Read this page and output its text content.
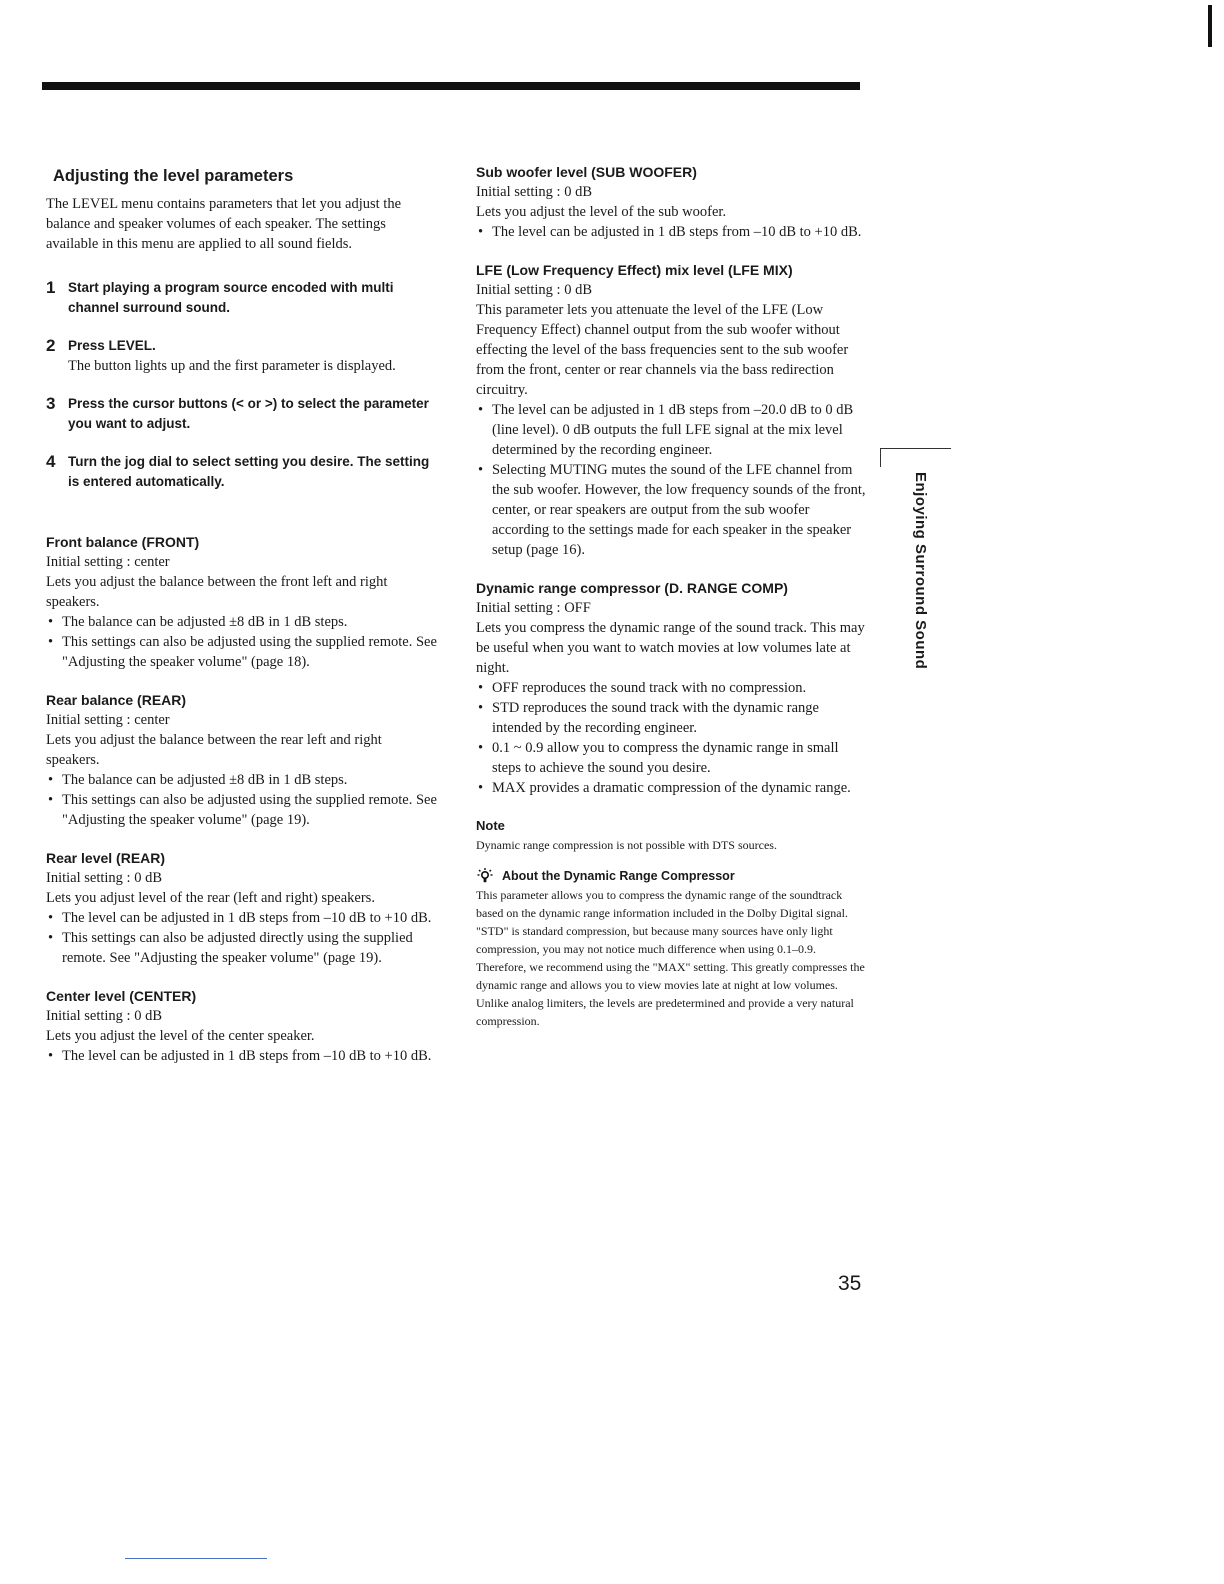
Adjusting the level parameters

The LEVEL menu contains parameters that let you adjust the balance and speaker volumes of each speaker. The settings available in this menu are applied to all sound fields.

1 Start playing a program source encoded with multi channel surround sound.
2 Press LEVEL.
The button lights up and the first parameter is displayed.
3 Press the cursor buttons (< or >) to select the parameter you want to adjust.
4 Turn the jog dial to select setting you desire. The setting is entered automatically.
Front balance (FRONT)

Initial setting : center

Lets you adjust the balance between the front left and right speakers.

• The balance can be adjusted ±8 dB in 1 dB steps.
• This settings can also be adjusted using the supplied remote. See "Adjusting the speaker volume" (page 18).
Rear balance (REAR)

Initial setting : center

Lets you adjust the balance between the rear left and right speakers.

• The balance can be adjusted ±8 dB in 1 dB steps.
• This settings can also be adjusted using the supplied remote. See "Adjusting the speaker volume" (page 19).
Rear level (REAR)

Initial setting : 0 dB

Lets you adjust level of the rear (left and right) speakers.

• The level can be adjusted in 1 dB steps from –10 dB to +10 dB.
• This settings can also be adjusted directly using the supplied remote. See "Adjusting the speaker volume" (page 19).
Center level (CENTER)

Initial setting : 0 dB

Lets you adjust the level of the center speaker.

• The level can be adjusted in 1 dB steps from –10 dB to +10 dB.
Sub woofer level (SUB WOOFER)

Initial setting : 0 dB

Lets you adjust the level of the sub woofer.

• The level can be adjusted in 1 dB steps from –10 dB to +10 dB.
LFE (Low Frequency Effect) mix level (LFE MIX)

Initial setting : 0 dB

This parameter lets you attenuate the level of the LFE (Low Frequency Effect) channel output from the sub woofer without effecting the level of the bass frequencies sent to the sub woofer from the front, center or rear channels via the bass redirection circuitry.

• The level can be adjusted in 1 dB steps from –20.0 dB to 0 dB (line level). 0 dB outputs the full LFE signal at the mix level determined by the recording engineer.
• Selecting MUTING mutes the sound of the LFE channel from the sub woofer. However, the low frequency sounds of the front, center, or rear speakers are output from the sub woofer according to the settings made for each speaker in the speaker setup (page 16).
Dynamic range compressor (D. RANGE COMP)

Initial setting : OFF

Lets you compress the dynamic range of the sound track. This may be useful when you want to watch movies at low volumes late at night.

• OFF reproduces the sound track with no compression.
• STD reproduces the sound track with the dynamic range intended by the recording engineer.
• 0.1 ~ 0.9 allow you to compress the dynamic range in small steps to achieve the sound you desire.
• MAX provides a dramatic compression of the dynamic range.
Note
Dynamic range compression is not possible with DTS sources.
About the Dynamic Range Compressor
This parameter allows you to compress the dynamic range of the soundtrack based on the dynamic range information included in the Dolby Digital signal. "STD" is standard compression, but because many sources have only light compression, you may not notice much difference when using 0.1–0.9.
Therefore, we recommend using the "MAX" setting. This greatly compresses the dynamic range and allows you to view movies late at night at low volumes. Unlike analog limiters, the levels are predetermined and provide a very natural compression.
Enjoying Surround Sound
35
